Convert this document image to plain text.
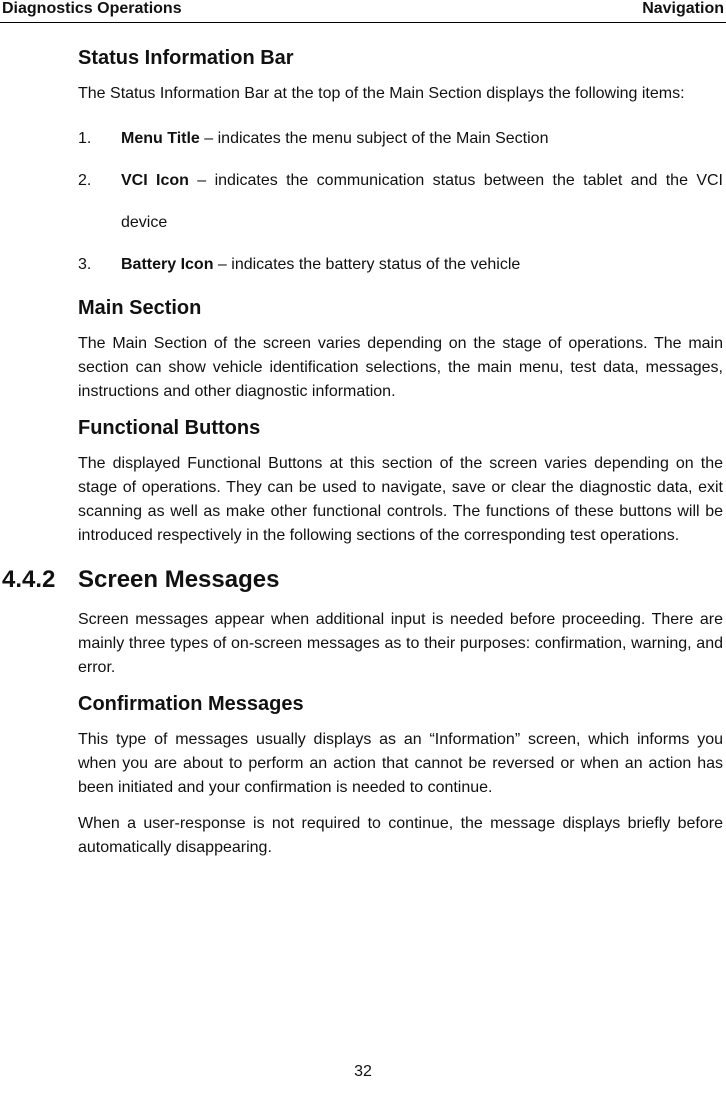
Diagnostics Operations	Navigation
Status Information Bar

The Status Information Bar at the top of the Main Section displays the following items:

1. Menu Title – indicates the menu subject of the Main Section
2. VCI Icon – indicates the communication status between the tablet and the VCI device
3. Battery Icon – indicates the battery status of the vehicle
Main Section

The Main Section of the screen varies depending on the stage of operations. The main section can show vehicle identification selections, the main menu, test data, messages, instructions and other diagnostic information.

Functional Buttons

The displayed Functional Buttons at this section of the screen varies depending on the stage of operations. They can be used to navigate, save or clear the diagnostic data, exit scanning as well as make other functional controls. The functions of these buttons will be introduced respectively in the following sections of the corresponding test operations.

4.4.2 Screen Messages

Screen messages appear when additional input is needed before proceeding. There are mainly three types of on-screen messages as to their purposes: confirmation, warning, and error.

Confirmation Messages

This type of messages usually displays as an “Information” screen, which informs you when you are about to perform an action that cannot be reversed or when an action has been initiated and your confirmation is needed to continue.

When a user-response is not required to continue, the message displays briefly before automatically disappearing.

32
